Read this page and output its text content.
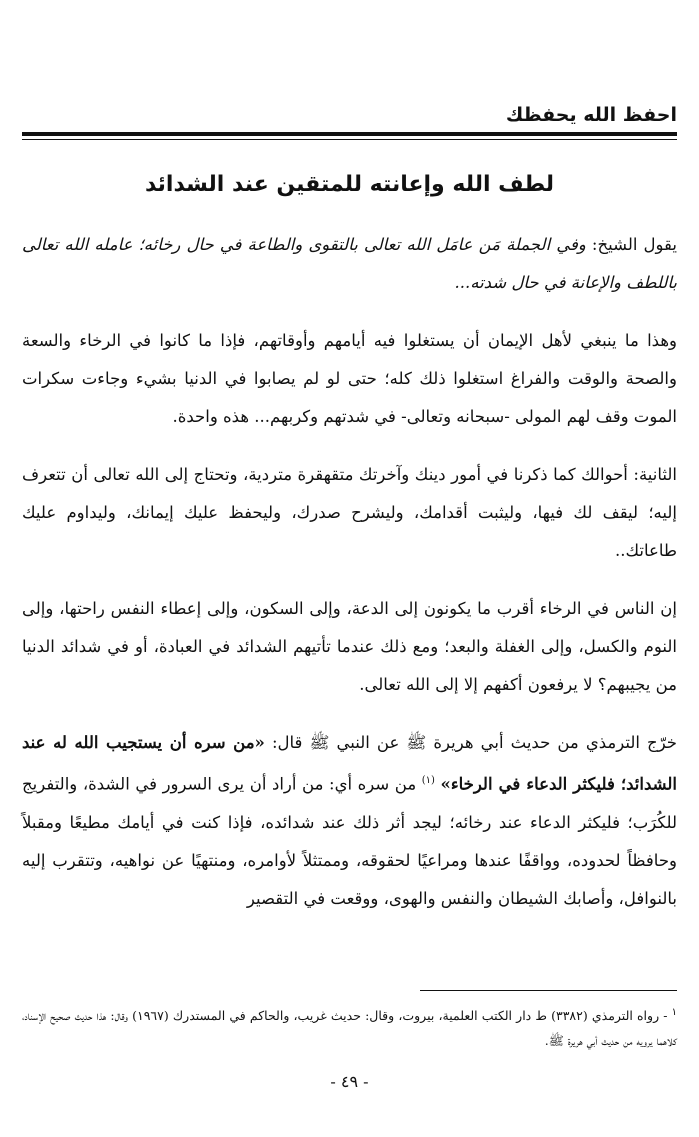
احفظ الله يحفظك
لطف الله وإعانته للمتقين عند الشدائد

يقول الشيخ: وفي الجملة مَن عامَل الله تعالى بالتقوى والطاعة في حال رخائه؛ عامله الله تعالى باللطف والإعانة في حال شدته...

وهذا ما ينبغي لأهل الإيمان أن يستغلوا فيه أيامهم وأوقاتهم، فإذا ما كانوا في الرخاء والسعة والصحة والوقت والفراغ استغلوا ذلك كله؛ حتى لو لم يصابوا في الدنيا بشيء وجاءت سكرات الموت وقف لهم المولى -سبحانه وتعالى- في شدتهم وكربهم... هذه واحدة.

الثانية: أحوالك كما ذكرنا في أمور دينك وآخرتك متقهقرة متردية، وتحتاج إلى الله تعالى أن تتعرف إليه؛ ليقف لك فيها، وليثبت أقدامك، وليشرح صدرك، وليحفظ عليك إيمانك، وليداوم عليك طاعاتك..

إن الناس في الرخاء أقرب ما يكونون إلى الدعة، وإلى السكون، وإلى إعطاء النفس راحتها، وإلى النوم والكسل، وإلى الغفلة والبعد؛ ومع ذلك عندما تأتيهم الشدائد في العبادة، أو في شدائد الدنيا من يجيبهم؟ لا يرفعون أكفهم إلا إلى الله تعالى.

خرّج الترمذي من حديث أبي هريرة ﷺ عن النبي ﷺ قال: «من سره أن يستجيب الله له عند الشدائد؛ فليكثر الدعاء في الرخاء» $^{(١)}$ من سره أي: من أراد أن يرى السرور في الشدة، والتفريج للكُرَب؛ فليكثر الدعاء عند رخائه؛ ليجد أثر ذلك عند شدائده، فإذا كنت في أيامك مطيعًا ومقبلاً وحافظاً لحدوده، وواقفًا عندها ومراعيًا لحقوقه، وممتثلاً لأوامره، ومنتهيًا عن نواهيه، وتتقرب إليه بالنوافل، وأصابك الشيطان والنفس والهوى، ووقعت في التقصير

$^١$ - رواه الترمذي (٣٣٨٢) ط دار الكتب العلمية، بيروت، وقال: حديث غريب، والحاكم في المستدرك (١٩٦٧) وقال: هذا حديث صحيح الإسناد، كلاهما يرويه من حديث أبي هريرة ﷺ.
- ٤٩ -
